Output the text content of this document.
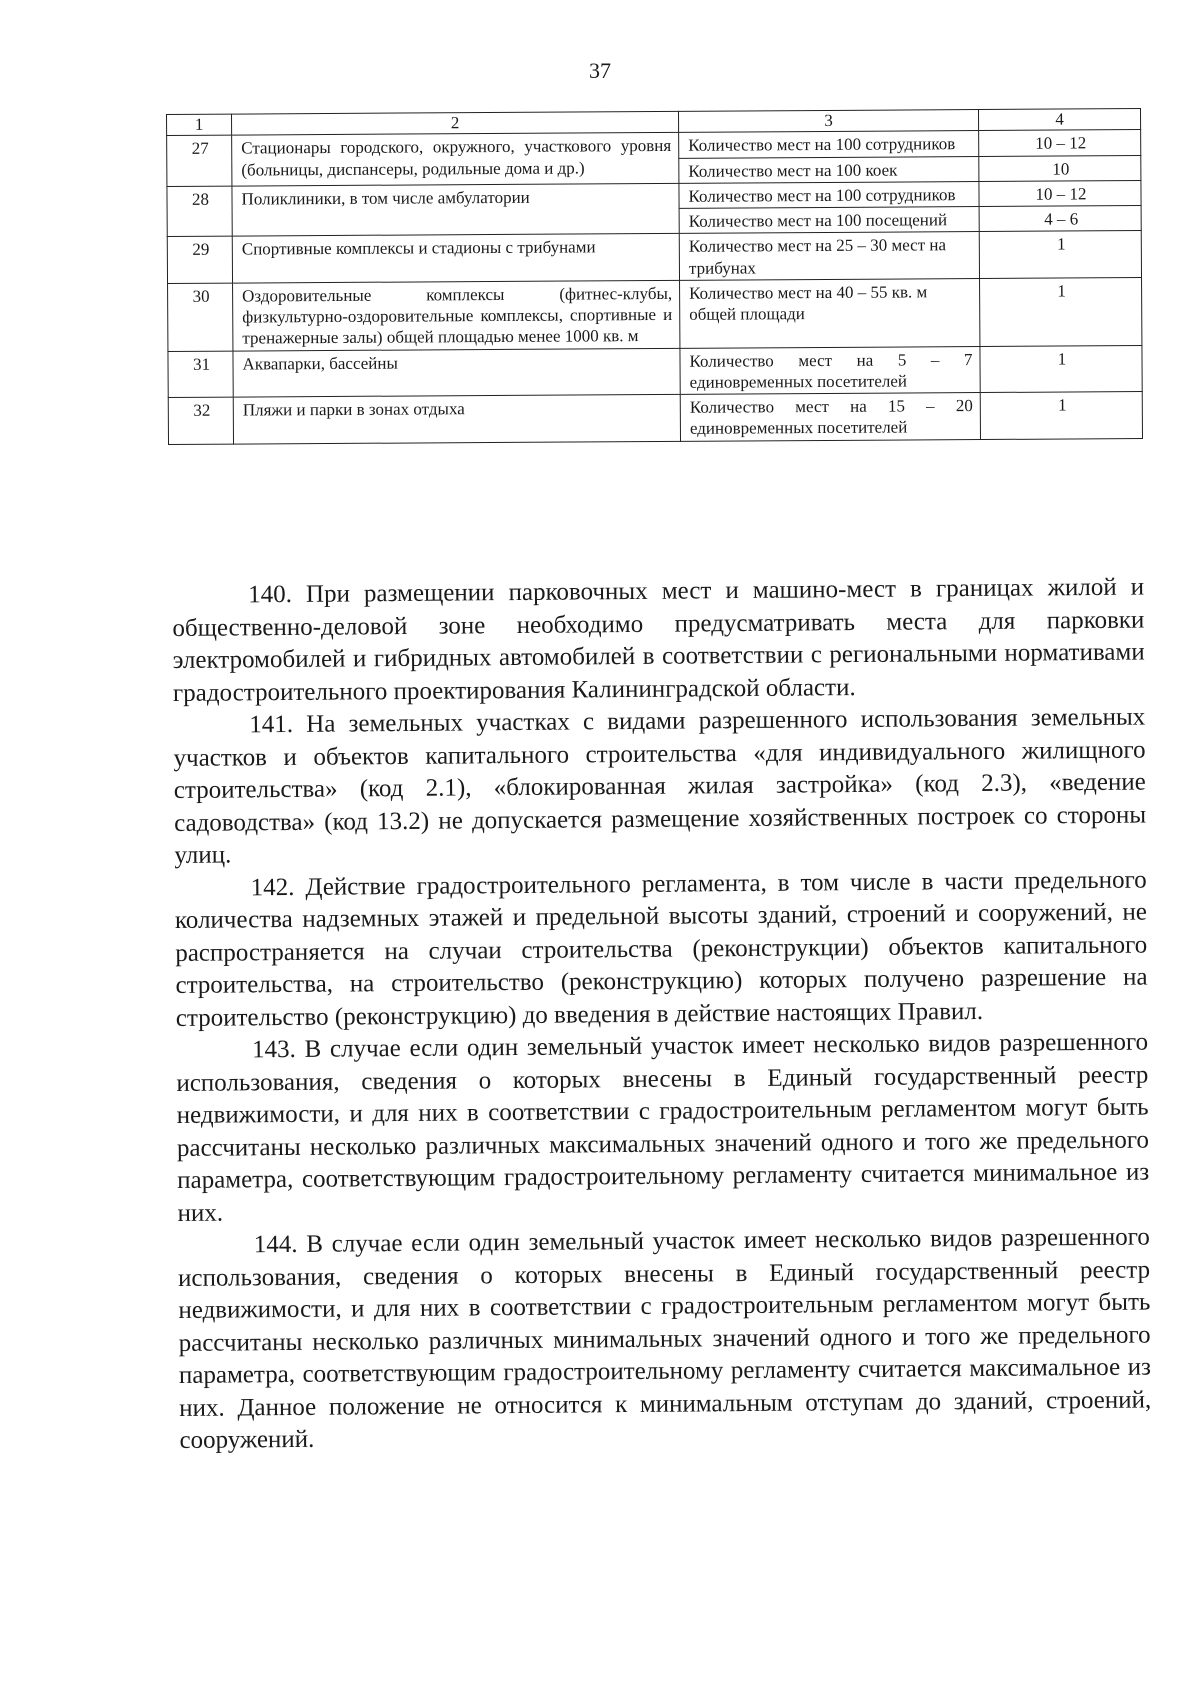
37
1	2	3	4
27	Стационары городского, окружного, участкового уровня (больницы, диспансеры, родильные дома и др.)	Количество мест на 100 сотрудников	10 – 12
		Количество мест на 100 коек	10
28	Поликлиники, в том числе амбулатории	Количество мест на 100 сотрудников	10 – 12
		Количество мест на 100 посещений	4 – 6
29	Спортивные комплексы и стадионы с трибунами	Количество мест на 25 – 30 мест на трибунах	1
30	Оздоровительные комплексы (фитнес-клубы, физкультурно-оздоровительные комплексы, спортивные и тренажерные залы) общей площадью менее 1000 кв. м	Количество мест на 40 – 55 кв. м общей площади	1
31	Аквапарки, бассейны	Количество мест на 5 – 7 единовременных посетителей	1
32	Пляжи и парки в зонах отдыха	Количество мест на 15 – 20 единовременных посетителей	1

140. При размещении парковочных мест и машино-мест в границах жилой и общественно-деловой зоне необходимо предусматривать места для парковки электромобилей и гибридных автомобилей в соответствии с региональными нормативами градостроительного проектирования Калининградской области.

141. На земельных участках с видами разрешенного использования земельных участков и объектов капитального строительства «для индивидуального жилищного строительства» (код 2.1), «блокированная жилая застройка» (код 2.3), «ведение садоводства» (код 13.2) не допускается размещение хозяйственных построек со стороны улиц.

142. Действие градостроительного регламента, в том числе в части предельного количества надземных этажей и предельной высоты зданий, строений и сооружений, не распространяется на случаи строительства (реконструкции) объектов капитального строительства, на строительство (реконструкцию) которых получено разрешение на строительство (реконструкцию) до введения в действие настоящих Правил.

143. В случае если один земельный участок имеет несколько видов разрешенного использования, сведения о которых внесены в Единый государственный реестр недвижимости, и для них в соответствии с градостроительным регламентом могут быть рассчитаны несколько различных максимальных значений одного и того же предельного параметра, соответствующим градостроительному регламенту считается минимальное из них.

144. В случае если один земельный участок имеет несколько видов разрешенного использования, сведения о которых внесены в Единый государственный реестр недвижимости, и для них в соответствии с градостроительным регламентом могут быть рассчитаны несколько различных минимальных значений одного и того же предельного параметра, соответствующим градостроительному регламенту считается максимальное из них. Данное положение не относится к минимальным отступам до зданий, строений, сооружений.
